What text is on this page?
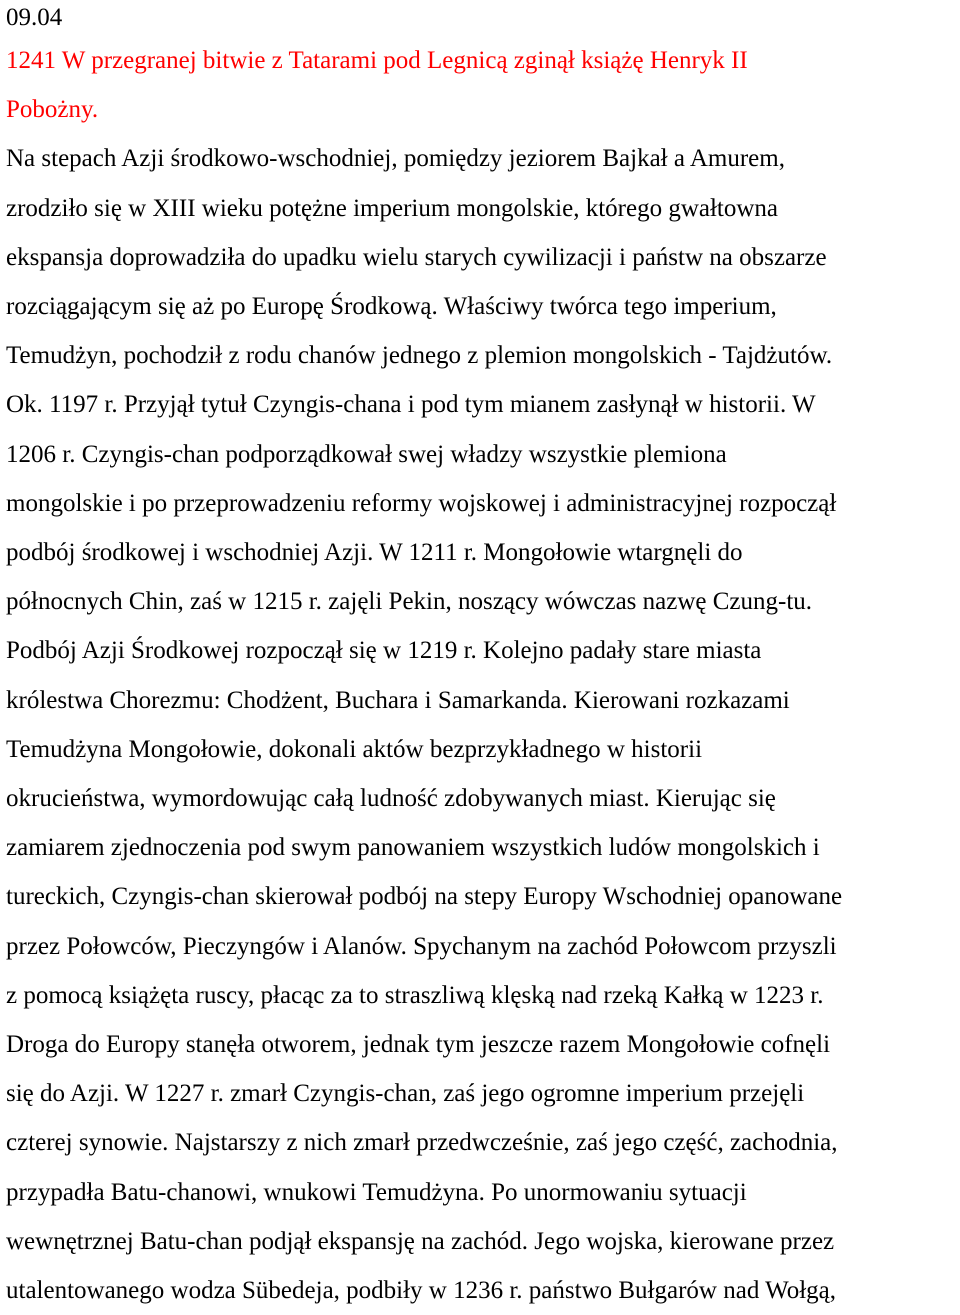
09.04

1241 W przegranej bitwie z Tatarami pod Legnicą zginął książę Henryk II
Pobożny.

Na stepach Azji środkowo-wschodniej, pomiędzy jeziorem Bajkał a Amurem,
zrodziło się w XIII wieku potężne imperium mongolskie, którego gwałtowna
ekspansja doprowadziła do upadku wielu starych cywilizacji i państw na obszarze
rozciągającym się aż po Europę Środkową. Właściwy twórca tego imperium,
Temudżyn, pochodził z rodu chanów jednego z plemion mongolskich - Tajdżutów.
Ok. 1197 r. Przyjął tytuł Czyngis-chana i pod tym mianem zasłynął w historii. W
1206 r. Czyngis-chan podporządkował swej władzy wszystkie plemiona
mongolskie i po przeprowadzeniu reformy wojskowej i administracyjnej rozpoczął
podbój środkowej i wschodniej Azji. W 1211 r. Mongołowie wtargnęli do
północnych Chin, zaś w 1215 r. zajęli Pekin, noszący wówczas nazwę Czung-tu.
Podbój Azji Środkowej rozpoczął się w 1219 r. Kolejno padały stare miasta
królestwa Chorezmu: Chodżent, Buchara i Samarkanda. Kierowani rozkazami
Temudżyna Mongołowie, dokonali aktów bezprzykładnego w historii
okrucieństwa, wymordowując całą ludność zdobywanych miast. Kierując się
zamiarem zjednoczenia pod swym panowaniem wszystkich ludów mongolskich i
tureckich, Czyngis-chan skierował podbój na stepy Europy Wschodniej opanowane
przez Połowców, Pieczyngów i Alanów. Spychanym na zachód Połowcom przyszli
z pomocą książęta ruscy, płacąc za to straszliwą klęską nad rzeką Kałką w 1223 r.
Droga do Europy stanęła otworem, jednak tym jeszcze razem Mongołowie cofnęli
się do Azji. W 1227 r. zmarł Czyngis-chan, zaś jego ogromne imperium przejęli
czterej synowie. Najstarszy z nich zmarł przedwcześnie, zaś jego część, zachodnia,
przypadła Batu-chanowi, wnukowi Temudżyna. Po unormowaniu sytuacji
wewnętrznej Batu-chan podjął ekspansję na zachód. Jego wojska, kierowane przez
utalentowanego wodza Sübedeja, podbiły w 1236 r. państwo Bułgarów nad Wołgą,
